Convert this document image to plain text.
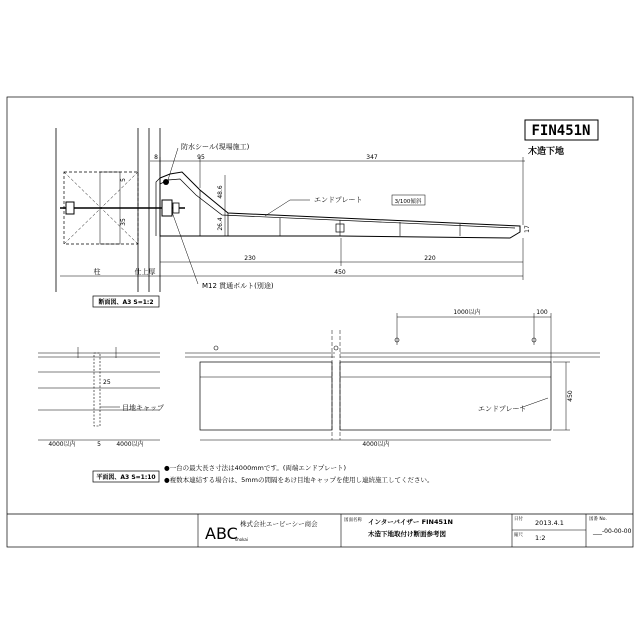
FIN451N
木造下地
8	95	347
48.6
26.4
35
5
17
230	220
450
柱	仕上厚
防水シール(現場施工)
エンドプレート	3/100傾斜
M12 貫通ボルト(別途)
断面図、A3 S=1:2
25
目地キャップ
4000以内	5	4000以内
平面図、A3 S=1:10
1000以内	100
450
エンドプレート
4000以内
●一台の最大長さ寸法は4000mmです。(両端エンドプレート)
●複数本連結する場合は、5mmの間隔をあけ目地キャップを使用し連続施工してください。
ABC
shokai
株式会社エービーシー商会	図面名称 インターバイザー FIN451N
木造下地取付け断面参考図
日付 2013.4.1
縮尺 1:2
図番 No.
___-00-00-00
